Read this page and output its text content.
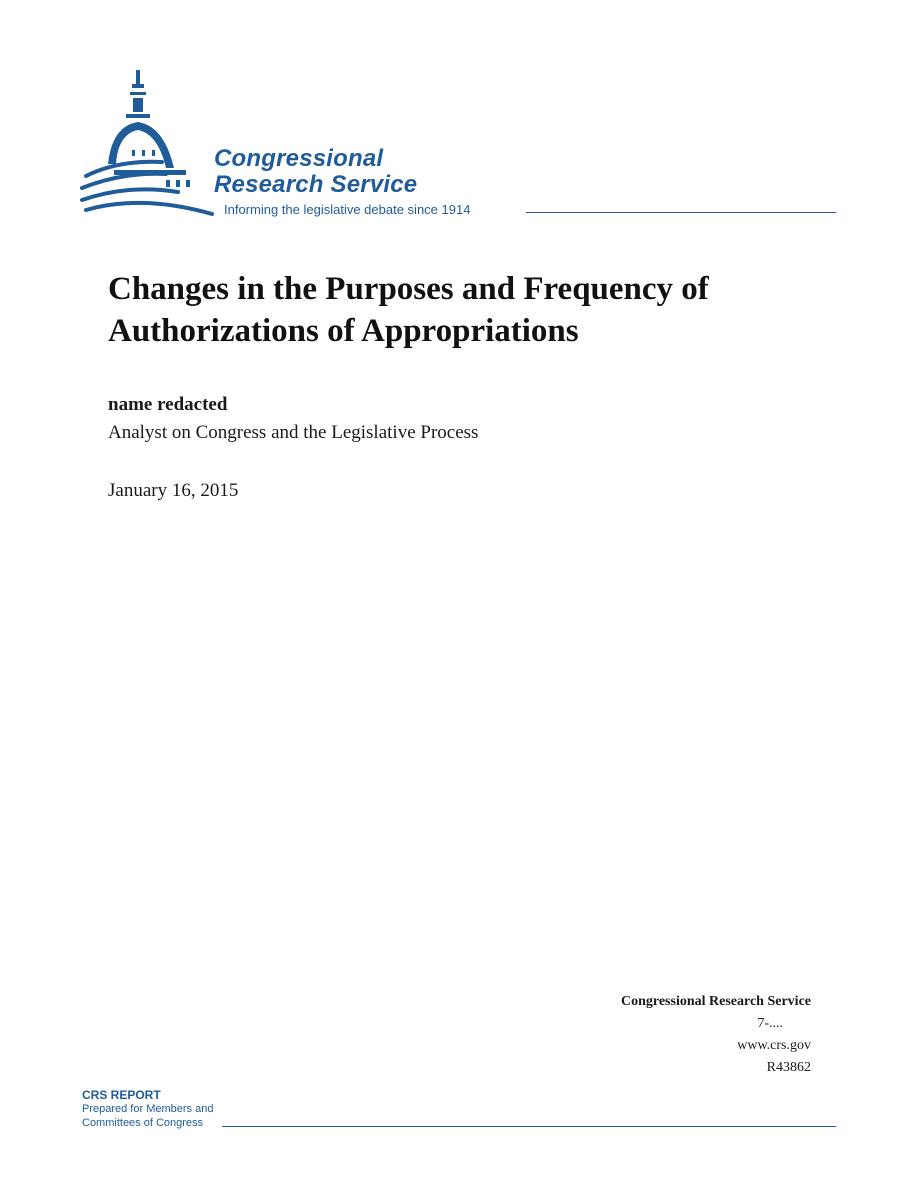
Congressional
Research Service
Informing the legislative debate since 1914
Changes in the Purposes and Frequency of Authorizations of Appropriations
name redacted
Analyst on Congress and the Legislative Process
January 16, 2015
Congressional Research Service
7-....
www.crs.gov
R43862
CRS REPORT
Prepared for Members and
Committees of Congress
